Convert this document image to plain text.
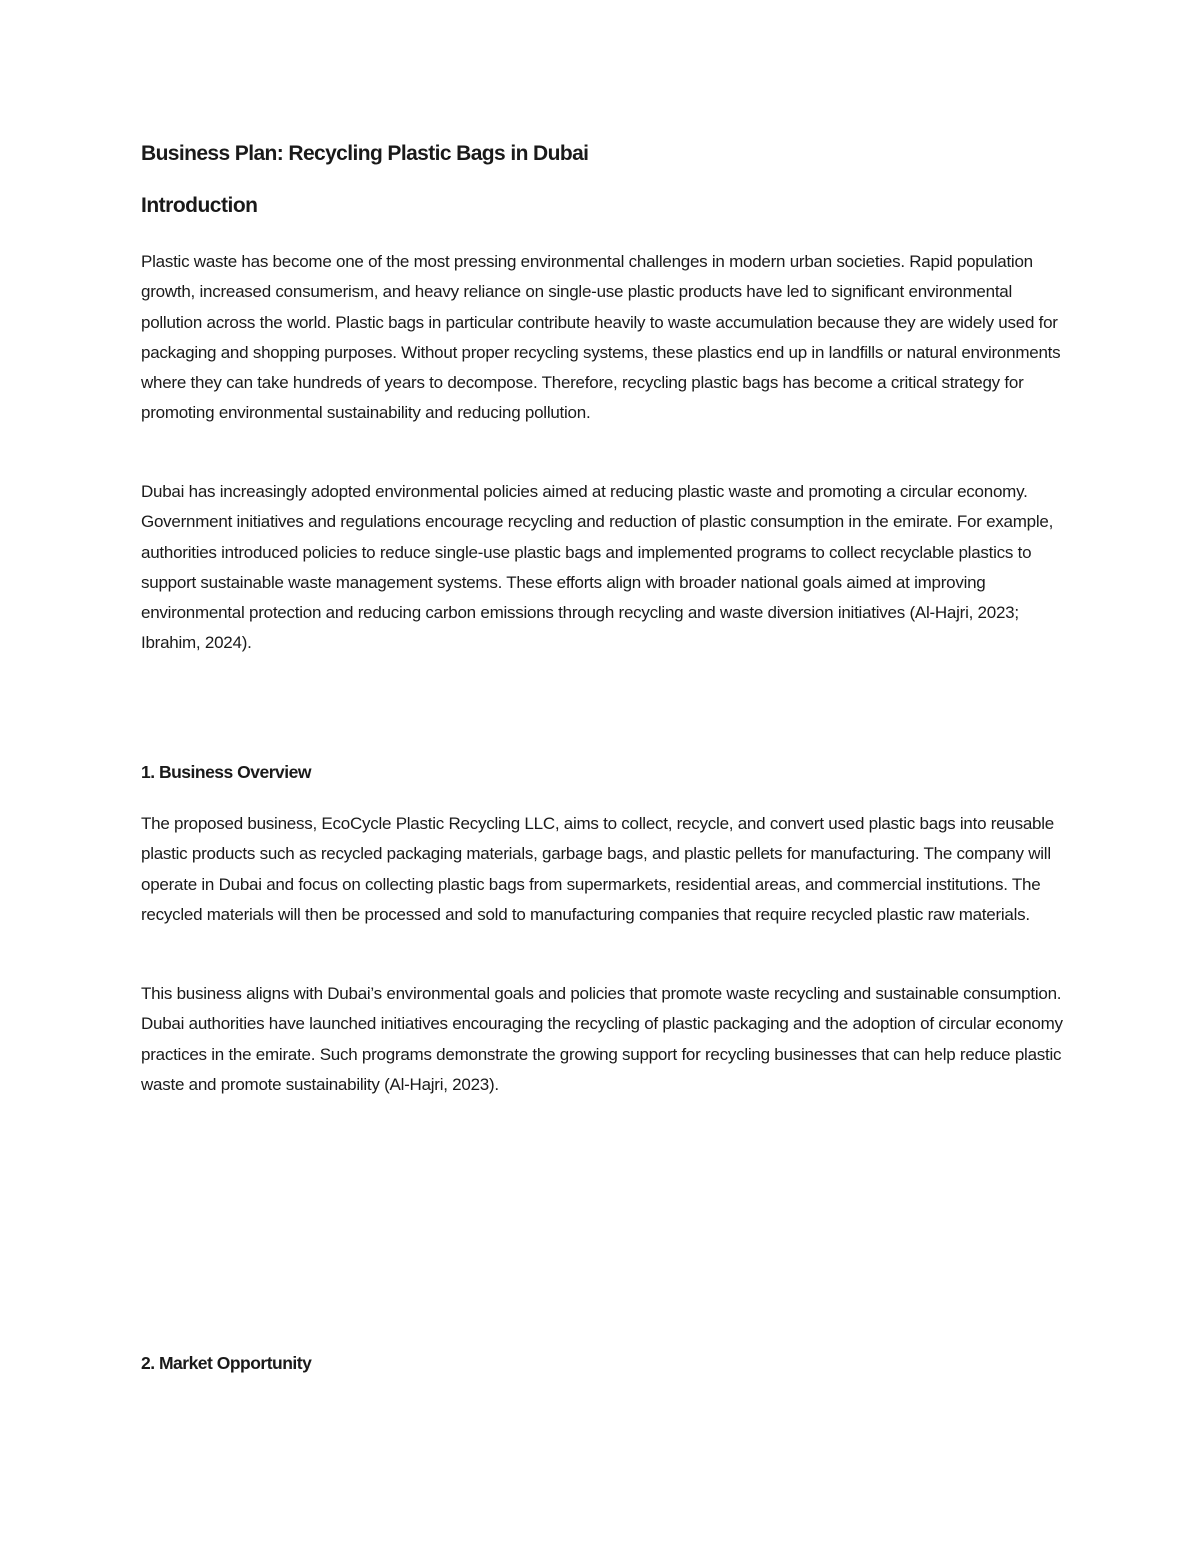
Business Plan: Recycling Plastic Bags in Dubai
Introduction

Plastic waste has become one of the most pressing environmental challenges in modern urban societies. Rapid population growth, increased consumerism, and heavy reliance on single-use plastic products have led to significant environmental pollution across the world. Plastic bags in particular contribute heavily to waste accumulation because they are widely used for packaging and shopping purposes. Without proper recycling systems, these plastics end up in landfills or natural environments where they can take hundreds of years to decompose. Therefore, recycling plastic bags has become a critical strategy for promoting environmental sustainability and reducing pollution.

Dubai has increasingly adopted environmental policies aimed at reducing plastic waste and promoting a circular economy. Government initiatives and regulations encourage recycling and reduction of plastic consumption in the emirate. For example, authorities introduced policies to reduce single-use plastic bags and implemented programs to collect recyclable plastics to support sustainable waste management systems. These efforts align with broader national goals aimed at improving environmental protection and reducing carbon emissions through recycling and waste diversion initiatives (Al-Hajri, 2023; Ibrahim, 2024).

1. Business Overview

The proposed business, EcoCycle Plastic Recycling LLC, aims to collect, recycle, and convert used plastic bags into reusable plastic products such as recycled packaging materials, garbage bags, and plastic pellets for manufacturing. The company will operate in Dubai and focus on collecting plastic bags from supermarkets, residential areas, and commercial institutions. The recycled materials will then be processed and sold to manufacturing companies that require recycled plastic raw materials.

This business aligns with Dubai’s environmental goals and policies that promote waste recycling and sustainable consumption. Dubai authorities have launched initiatives encouraging the recycling of plastic packaging and the adoption of circular economy practices in the emirate. Such programs demonstrate the growing support for recycling businesses that can help reduce plastic waste and promote sustainability (Al-Hajri, 2023).

2. Market Opportunity
